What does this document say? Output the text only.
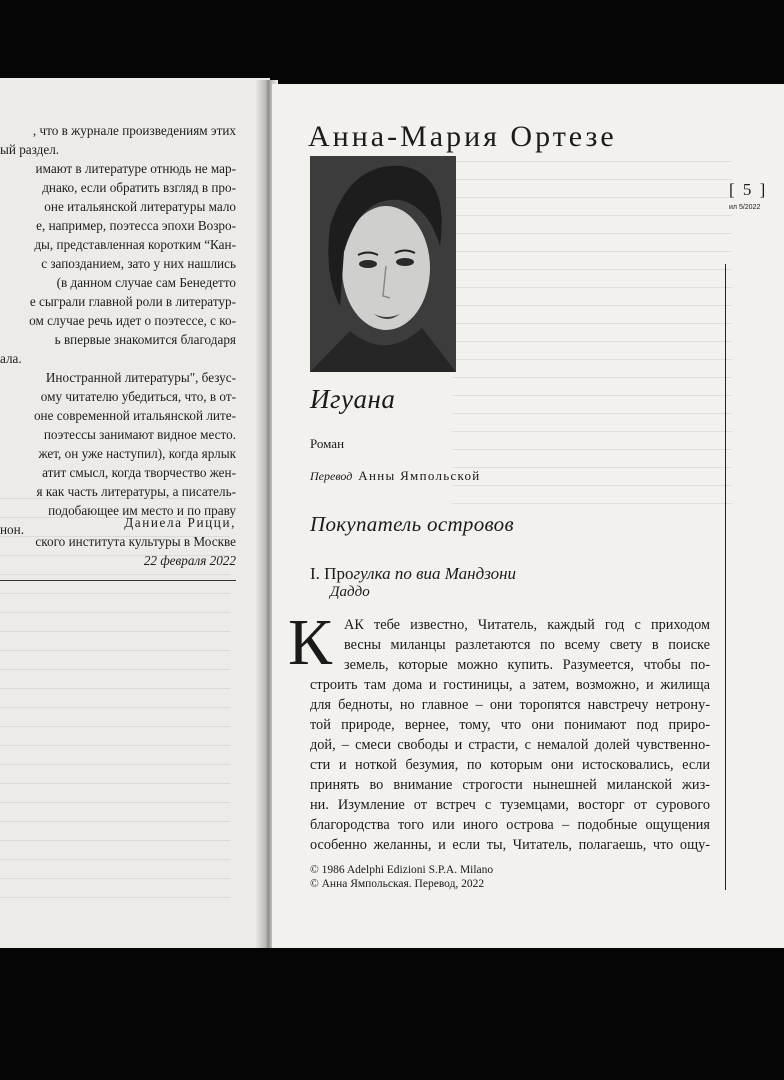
, что в журнале произведениям этих
ый раздел.
имают в литературе отнюдь не мар-
днако, если обратить взгляд в про-
оне итальянской литературы мало
е, например, поэтесса эпохи Возро-
ды, представленная коротким “Кан-
с запозданием, зато у них нашлись
(в данном случае сам Бенедетто
е сыграли главной роли в литератур-
ом случае речь идет о поэтессе, с ко-
ь впервые знакомится благодаря
ала.
Иностранной литературы", безус-
ому читателю убедиться, что, в от-
оне современной итальянской лите-
поэтессы занимают видное место.
жет, он уже наступил), когда ярлык
атит смысл, когда творчество жен-
я как часть литературы, а писатель-
подобающее им место и по праву
нон.	Даниела Рицци,
ского института культуры в Москве
22 февраля 2022
Анна-Мария Ортезе
Игуана
Роман
Перевод Анны Ямпольской
Покупатель островов
I. Прогулка по виа Мандзони
Даддо
К АК тебе известно, Читатель, каждый год с приходом
весны миланцы разлетаются по всему свету в поиске
земель, которые можно купить. Разумеется, чтобы по-
строить там дома и гостиницы, а затем, возможно, и жилища
для бедноты, но главное – они торопятся навстречу нетрону-
той природе, вернее, тому, что они понимают под приро-
дой, – смеси свободы и страсти, с немалой долей чувственно-
сти и ноткой безумия, по которым они истосковались, если
принять во внимание строгости нынешней миланской жиз-
ни. Изумление от встреч с туземцами, восторг от сурового
благородства того или иного острова – подобные ощущения
особенно желанны, и если ты, Читатель, полагаешь, что ощу-
© 1986 Adelphi Edizioni S.P.A. Milano
© Анна Ямпольская. Перевод, 2022
[ 5 ]
ил 5/2022
